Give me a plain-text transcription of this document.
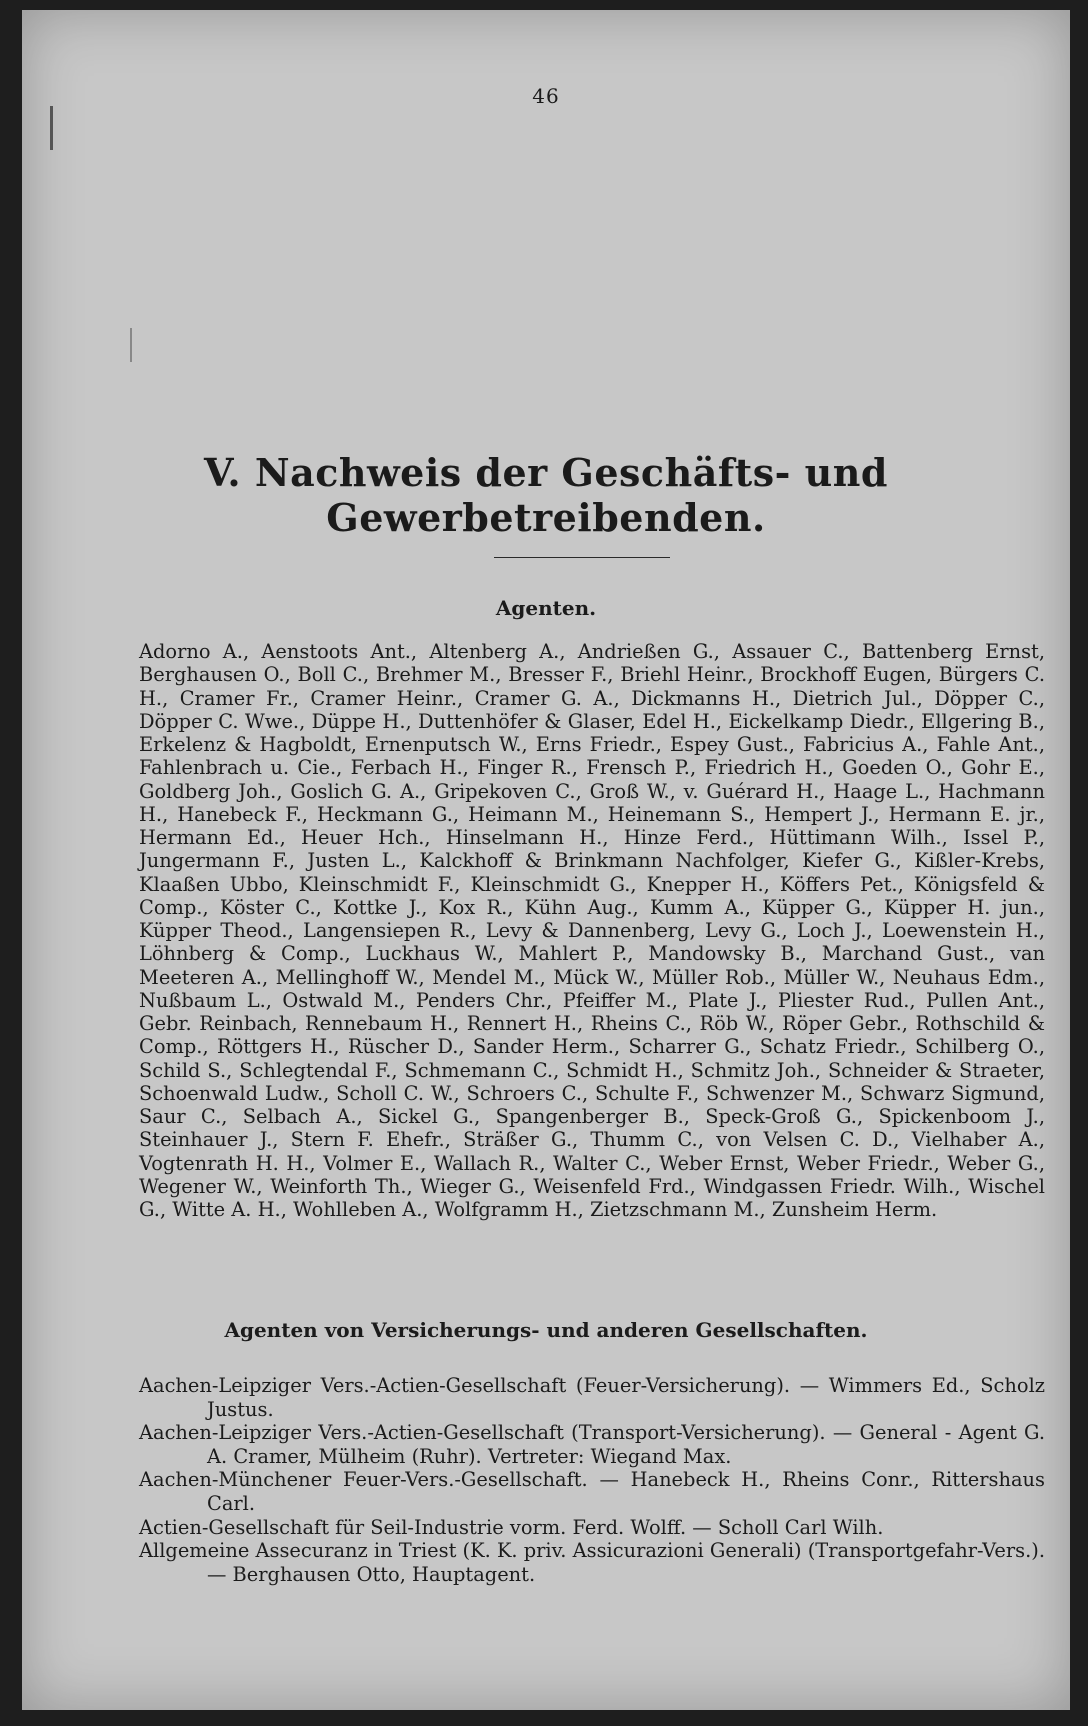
46
V. Nachweis der Geschäfts- und Gewerbetreibenden.
Agenten.

Adorno A., Aenstoots Ant., Altenberg A., Andrießen G., Assauer C., Battenberg Ernst, Berghausen O., Boll C., Brehmer M., Bresser F., Briehl Heinr., Brockhoff Eugen, Bürgers C. H., Cramer Fr., Cramer Heinr., Cramer G. A., Dickmanns H., Dietrich Jul., Döpper C., Döpper C. Wwe., Düppe H., Duttenhöfer & Glaser, Edel H., Eickelkamp Diedr., Ellgering B., Erkelenz & Hagboldt, Ernenputsch W., Erns Friedr., Espey Gust., Fabricius A., Fahle Ant., Fahlenbrach u. Cie., Ferbach H., Finger R., Frensch P., Friedrich H., Goeden O., Gohr E., Goldberg Joh., Goslich G. A., Gripekoven C., Groß W., v. Guérard H., Haage L., Hachmann H., Hanebeck F., Heckmann G., Heimann M., Heinemann S., Hempert J., Hermann E. jr., Hermann Ed., Heuer Hch., Hinselmann H., Hinze Ferd., Hüttimann Wilh., Issel P., Jungermann F., Justen L., Kalckhoff & Brinkmann Nachfolger, Kiefer G., Kißler-Krebs, Klaaßen Ubbo, Kleinschmidt F., Kleinschmidt G., Knepper H., Köffers Pet., Königsfeld & Comp., Köster C., Kottke J., Kox R., Kühn Aug., Kumm A., Küpper G., Küpper H. jun., Küpper Theod., Langensiepen R., Levy & Dannenberg, Levy G., Loch J., Loewenstein H., Löhnberg & Comp., Luckhaus W., Mahlert P., Mandowsky B., Marchand Gust., van Meeteren A., Mellinghoff W., Mendel M., Mück W., Müller Rob., Müller W., Neuhaus Edm., Nußbaum L., Ostwald M., Penders Chr., Pfeiffer M., Plate J., Pliester Rud., Pullen Ant., Gebr. Reinbach, Rennebaum H., Rennert H., Rheins C., Röb W., Röper Gebr., Rothschild & Comp., Röttgers H., Rüscher D., Sander Herm., Scharrer G., Schatz Friedr., Schilberg O., Schild S., Schlegtendal F., Schmemann C., Schmidt H., Schmitz Joh., Schneider & Straeter, Schoenwald Ludw., Scholl C. W., Schroers C., Schulte F., Schwenzer M., Schwarz Sigmund, Saur C., Selbach A., Sickel G., Spangenberger B., Speck-Groß G., Spickenboom J., Steinhauer J., Stern F. Ehefr., Sträßer G., Thumm C., von Velsen C. D., Vielhaber A., Vogtenrath H. H., Volmer E., Wallach R., Walter C., Weber Ernst, Weber Friedr., Weber G., Wegener W., Weinforth Th., Wieger G., Weisenfeld Frd., Windgassen Friedr. Wilh., Wischel G., Witte A. H., Wohlleben A., Wolfgramm H., Zietzschmann M., Zunsheim Herm.

Agenten von Versicherungs- und anderen Gesellschaften.
Aachen-Leipziger Vers.-Actien-Gesellschaft (Feuer-Versicherung). — Wimmers Ed., Scholz Justus.
Aachen-Leipziger Vers.-Actien-Gesellschaft (Transport-Versicherung). — General - Agent G. A. Cramer, Mülheim (Ruhr). Vertreter: Wiegand Max.
Aachen-Münchener Feuer-Vers.-Gesellschaft. — Hanebeck H., Rheins Conr., Rittershaus Carl.
Actien-Gesellschaft für Seil-Industrie vorm. Ferd. Wolff. — Scholl Carl Wilh.
Allgemeine Assecuranz in Triest (K. K. priv. Assicurazioni Generali) (Transportgefahr-Vers.). — Berghausen Otto, Hauptagent.
